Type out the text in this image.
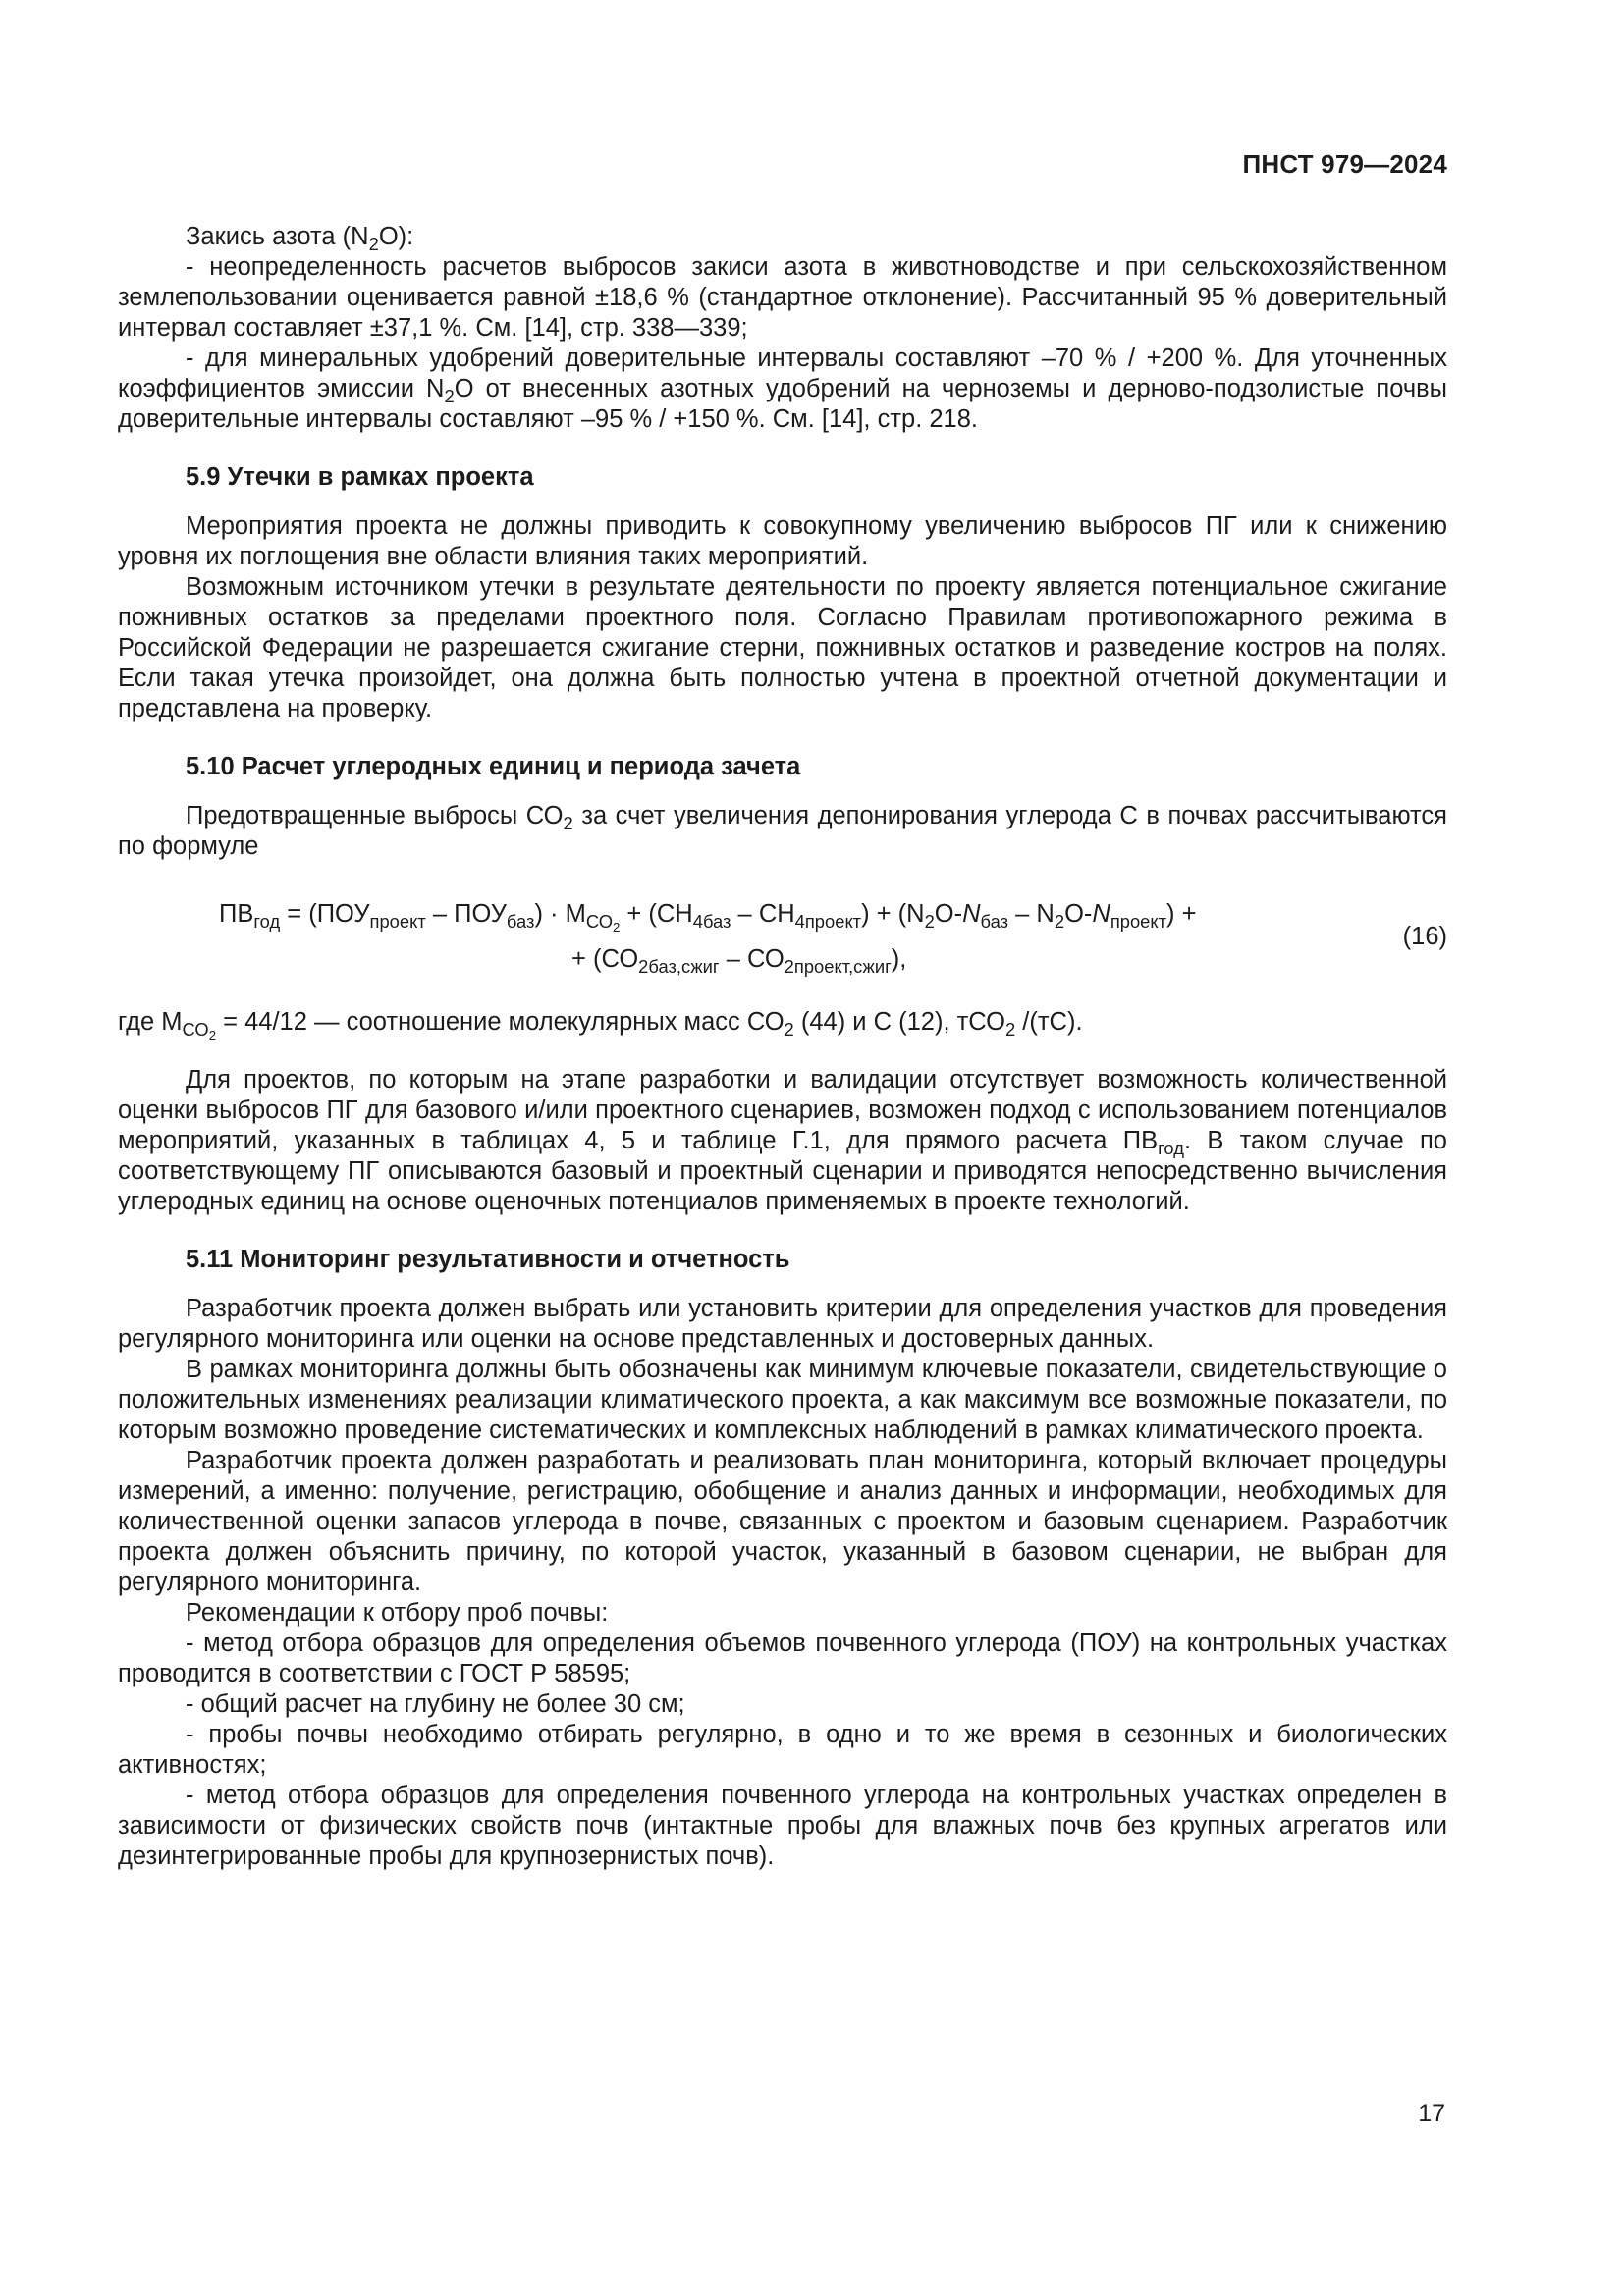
ПНСТ 979—2024

Закись азота $(N_2O)$:

- неопределенность расчетов выбросов закиси азота в животноводстве и при сельскохозяйственном землепользовании оценивается равной ±18,6 % (стандартное отклонение). Рассчитанный 95 % доверительный интервал составляет ±37,1 %. См. [14], стр. 338—339;

- для минеральных удобрений доверительные интервалы составляют –70 % / +200 %. Для уточненных коэффициентов эмиссии $N_2O$ от внесенных азотных удобрений на черноземы и дерново-подзолистые почвы доверительные интервалы составляют –95 % / +150 %. См. [14], стр. 218.

5.9 Утечки в рамках проекта

Мероприятия проекта не должны приводить к совокупному увеличению выбросов ПГ или к снижению уровня их поглощения вне области влияния таких мероприятий.

Возможным источником утечки в результате деятельности по проекту является потенциальное сжигание пожнивных остатков за пределами проектного поля. Согласно Правилам противопожарного режима в Российской Федерации не разрешается сжигание стерни, пожнивных остатков и разведение костров на полях. Если такая утечка произойдет, она должна быть полностью учтена в проектной отчетной документации и представлена на проверку.

5.10 Расчет углеродных единиц и периода зачета

Предотвращенные выбросы $СО_2$ за счет увеличения депонирования углерода С в почвах рассчитываются по формуле

$ПВ_{год} = (ПОУ_{проект} - ПОУ_{баз}) \cdot М_{СО_2} + (СН_{4баз} - СН_{4проект}) + (N_2O-N_{баз} - N_2O-N_{проект})$ +
+ $(СО_{2баз,сжиг} - СО_{2проект,сжиг})$,
(16)

где $М_{СО_2} = 44/12$ — соотношение молекулярных масс $СО_2$ (44) и С (12), тСО$_2$ /(тС).

Для проектов, по которым на этапе разработки и валидации отсутствует возможность количественной оценки выбросов ПГ для базового и/или проектного сценариев, возможен подход с использованием потенциалов мероприятий, указанных в таблицах 4, 5 и таблице Г.1, для прямого расчета $ПВ_{год}$. В таком случае по соответствующему ПГ описываются базовый и проектный сценарии и приводятся непосредственно вычисления углеродных единиц на основе оценочных потенциалов применяемых в проекте технологий.

5.11 Мониторинг результативности и отчетность

Разработчик проекта должен выбрать или установить критерии для определения участков для проведения регулярного мониторинга или оценки на основе представленных и достоверных данных.

В рамках мониторинга должны быть обозначены как минимум ключевые показатели, свидетельствующие о положительных изменениях реализации климатического проекта, а как максимум все возможные показатели, по которым возможно проведение систематических и комплексных наблюдений в рамках климатического проекта.

Разработчик проекта должен разработать и реализовать план мониторинга, который включает процедуры измерений, а именно: получение, регистрацию, обобщение и анализ данных и информации, необходимых для количественной оценки запасов углерода в почве, связанных с проектом и базовым сценарием. Разработчик проекта должен объяснить причину, по которой участок, указанный в базовом сценарии, не выбран для регулярного мониторинга.

Рекомендации к отбору проб почвы:

- метод отбора образцов для определения объемов почвенного углерода (ПОУ) на контрольных участках проводится в соответствии с ГОСТ Р 58595;

- общий расчет на глубину не более 30 см;

- пробы почвы необходимо отбирать регулярно, в одно и то же время в сезонных и биологических активностях;

- метод отбора образцов для определения почвенного углерода на контрольных участках определен в зависимости от физических свойств почв (интактные пробы для влажных почв без крупных агрегатов или дезинтегрированные пробы для крупнозернистых почв).

17
